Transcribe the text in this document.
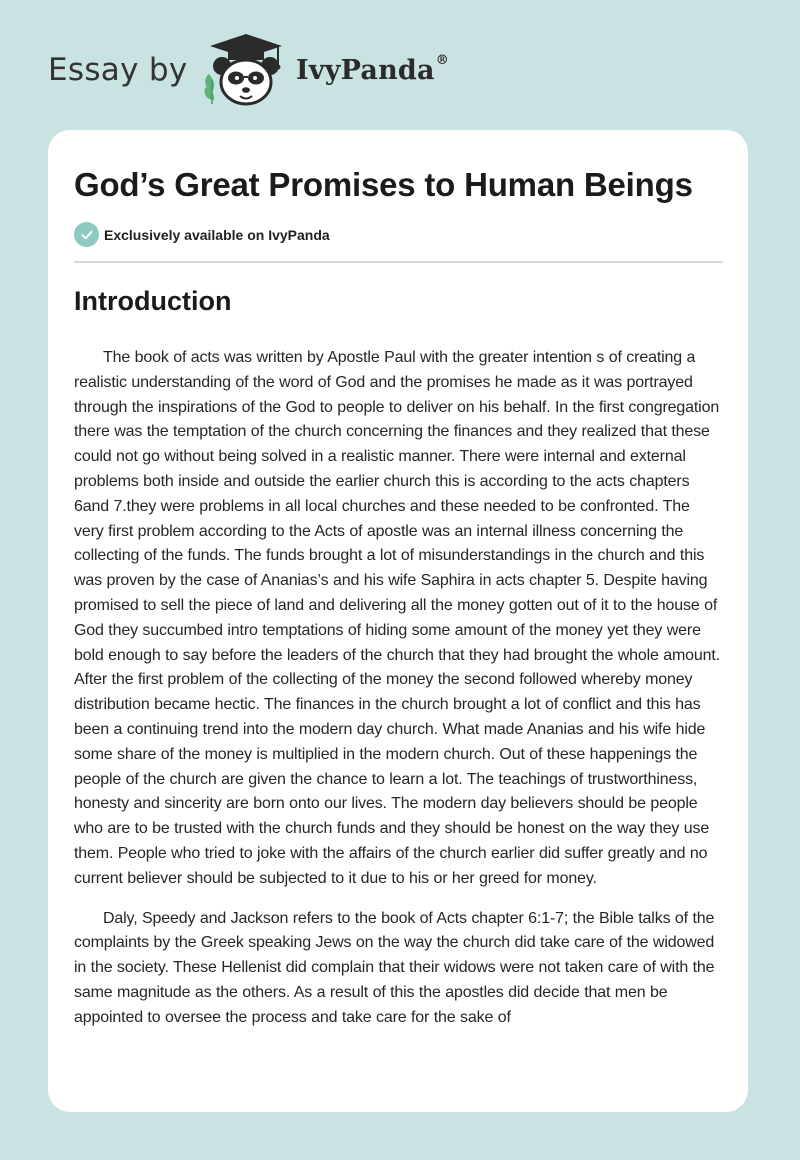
Essay by	IvyPanda®
God’s Great Promises to Human Beings
Exclusively available on IvyPanda
Introduction

The book of acts was written by Apostle Paul with the greater intention s of creating a realistic understanding of the word of God and the promises he made as it was portrayed through the inspirations of the God to people to deliver on his behalf. In the first congregation there was the temptation of the church concerning the finances and they realized that these could not go without being solved in a realistic manner. There were internal and external problems both inside and outside the earlier church this is according to the acts chapters 6and 7.they were problems in all local churches and these needed to be confronted. The very first problem according to the Acts of apostle was an internal illness concerning the collecting of the funds. The funds brought a lot of misunderstandings in the church and this was proven by the case of Ananias’s and his wife Saphira in acts chapter 5. Despite having promised to sell the piece of land and delivering all the money gotten out of it to the house of God they succumbed intro temptations of hiding some amount of the money yet they were bold enough to say before the leaders of the church that they had brought the whole amount. After the first problem of the collecting of the money the second followed whereby money distribution became hectic. The finances in the church brought a lot of conflict and this has been a continuing trend into the modern day church. What made Ananias and his wife hide some share of the money is multiplied in the modern church. Out of these happenings the people of the church are given the chance to learn a lot. The teachings of trustworthiness, honesty and sincerity are born onto our lives. The modern day believers should be people who are to be trusted with the church funds and they should be honest on the way they use them. People who tried to joke with the affairs of the church earlier did suffer greatly and no current believer should be subjected to it due to his or her greed for money.

Daly, Speedy and Jackson refers to the book of Acts chapter 6:1-7; the Bible talks of the complaints by the Greek speaking Jews on the way the church did take care of the widowed in the society. These Hellenist did complain that their widows were not taken care of with the same magnitude as the others. As a result of this the apostles did decide that men be appointed to oversee the process and take care for the sake of
